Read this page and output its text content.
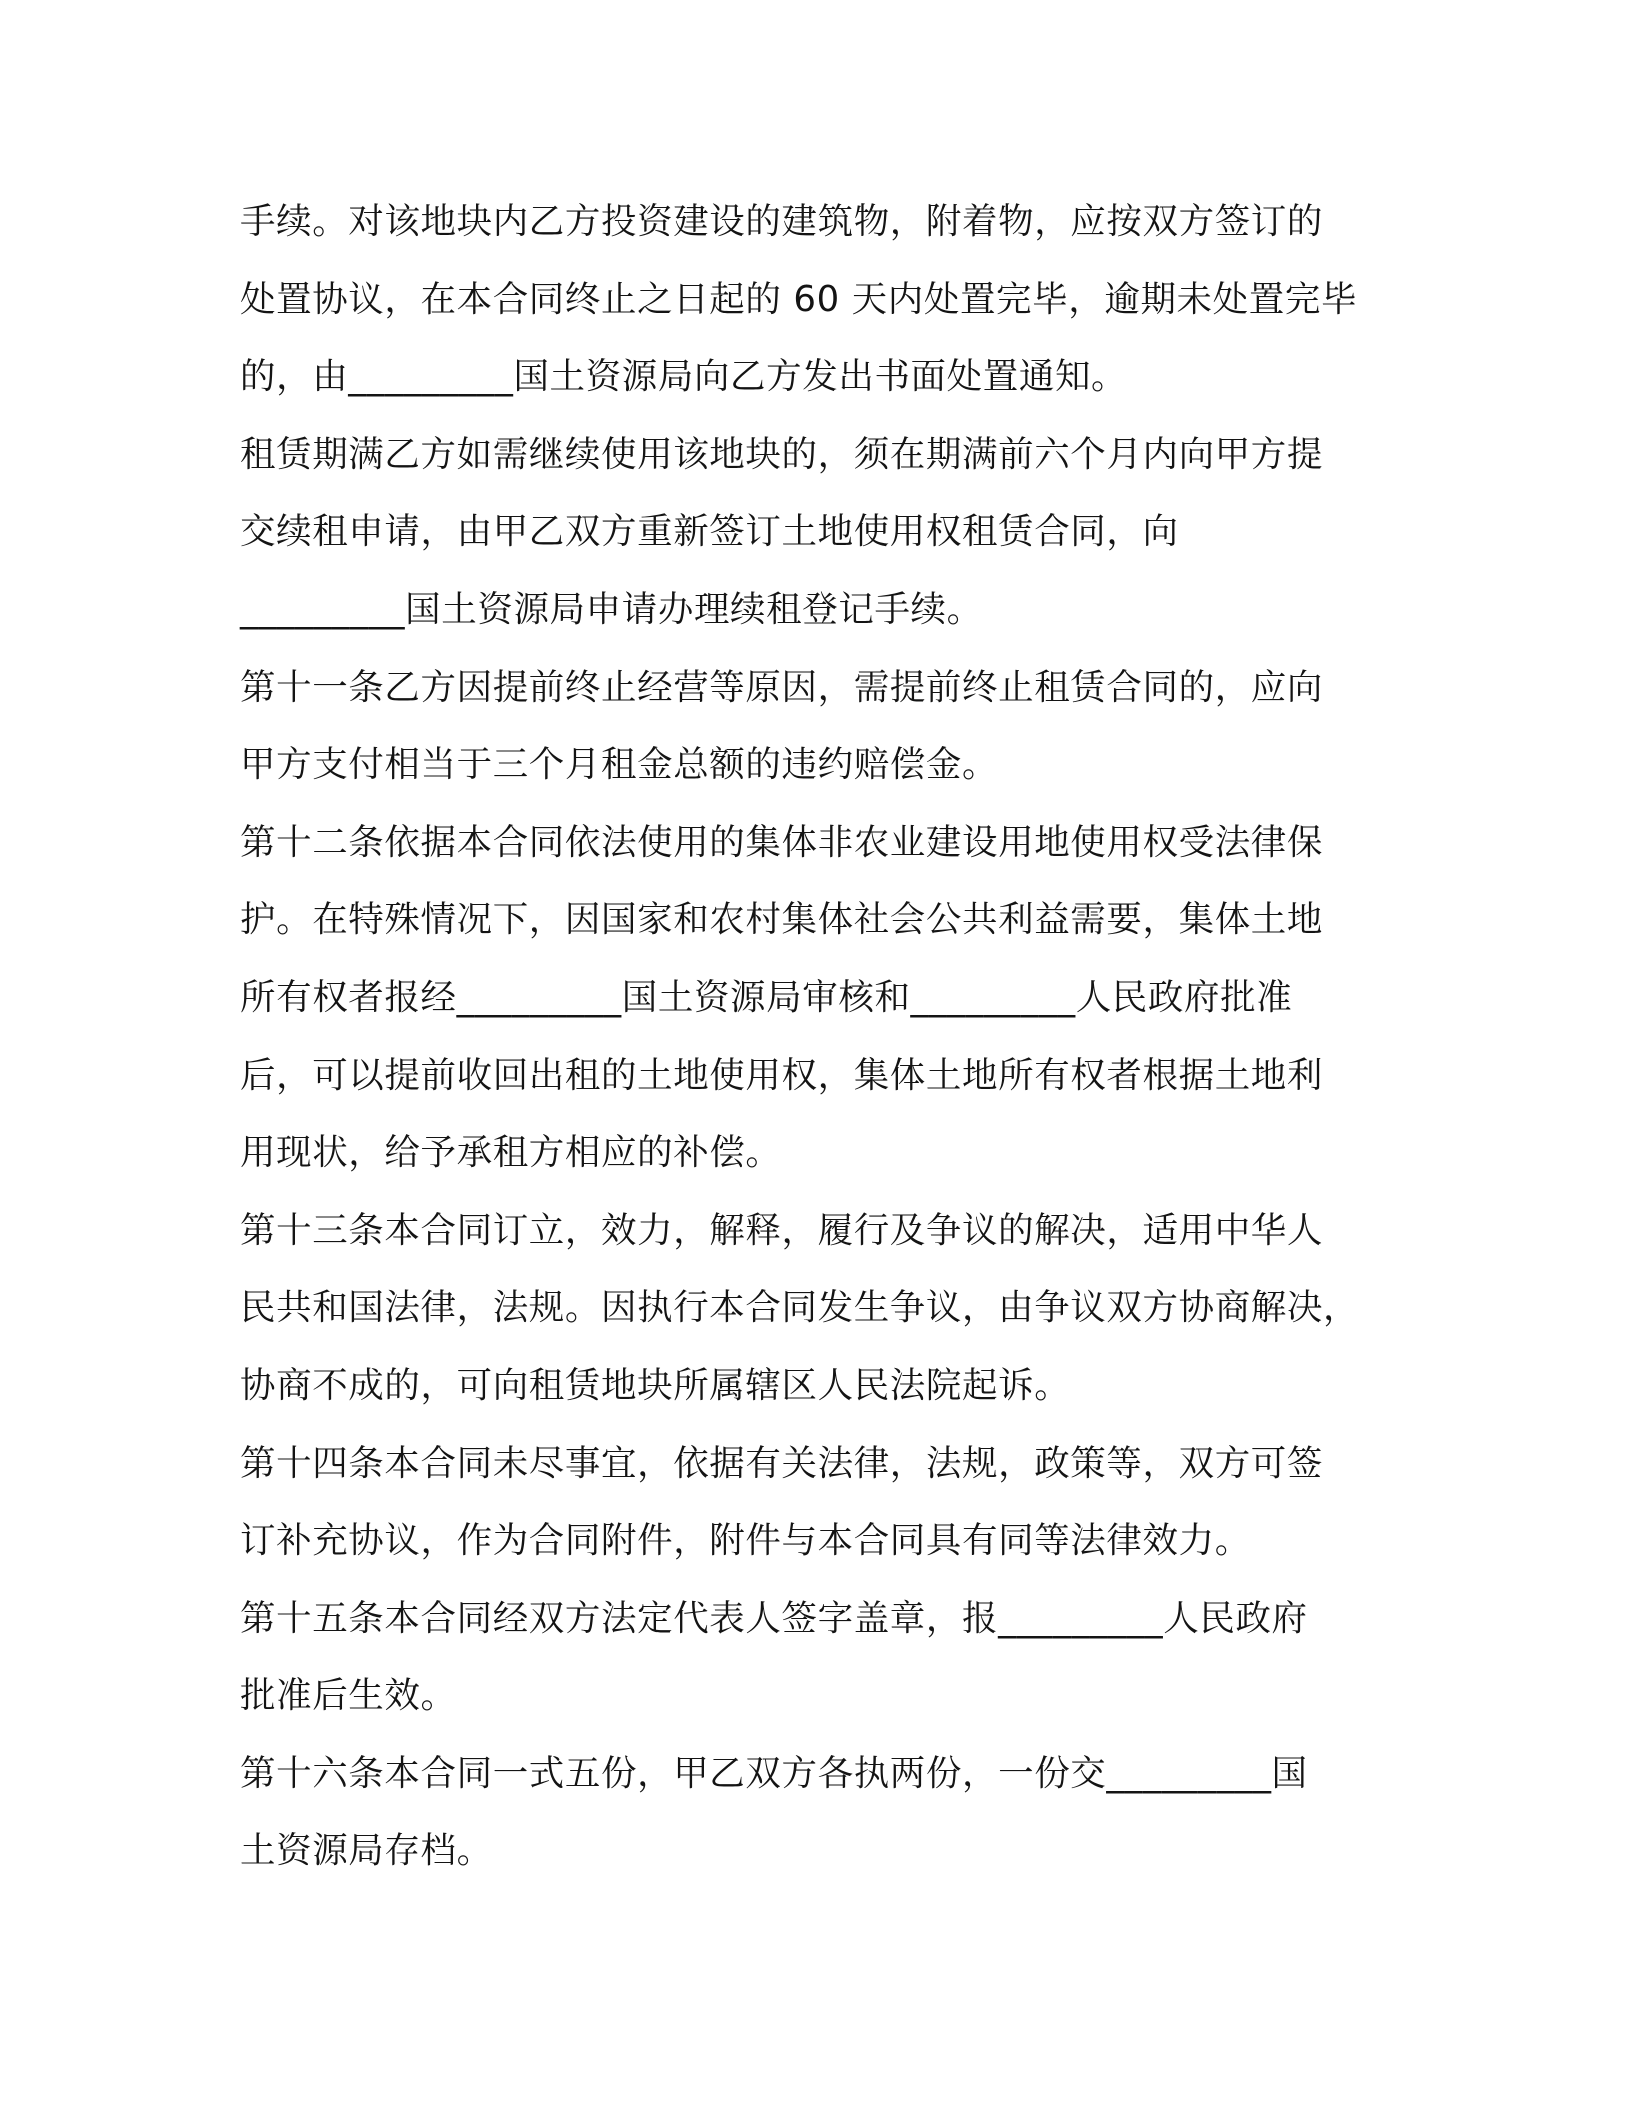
手续。对该地块内乙方投资建设的建筑物，附着物，应按双方签订的
处置协议，在本合同终止之日起的 60 天内处置完毕，逾期未处置完毕
的，由_________国土资源局向乙方发出书面处置通知。
租赁期满乙方如需继续使用该地块的，须在期满前六个月内向甲方提
交续租申请，由甲乙双方重新签订土地使用权租赁合同，向
_________国土资源局申请办理续租登记手续。
第十一条乙方因提前终止经营等原因，需提前终止租赁合同的，应向
甲方支付相当于三个月租金总额的违约赔偿金。
第十二条依据本合同依法使用的集体非农业建设用地使用权受法律保
护。在特殊情况下，因国家和农村集体社会公共利益需要，集体土地
所有权者报经_________国土资源局审核和_________人民政府批准
后，可以提前收回出租的土地使用权，集体土地所有权者根据土地利
用现状，给予承租方相应的补偿。
第十三条本合同订立，效力，解释，履行及争议的解决，适用中华人
民共和国法律，法规。因执行本合同发生争议，由争议双方协商解决，
协商不成的，可向租赁地块所属辖区人民法院起诉。
第十四条本合同未尽事宜，依据有关法律，法规，政策等，双方可签
订补充协议，作为合同附件，附件与本合同具有同等法律效力。
第十五条本合同经双方法定代表人签字盖章，报_________人民政府
批准后生效。
第十六条本合同一式五份，甲乙双方各执两份，一份交_________国
土资源局存档。
